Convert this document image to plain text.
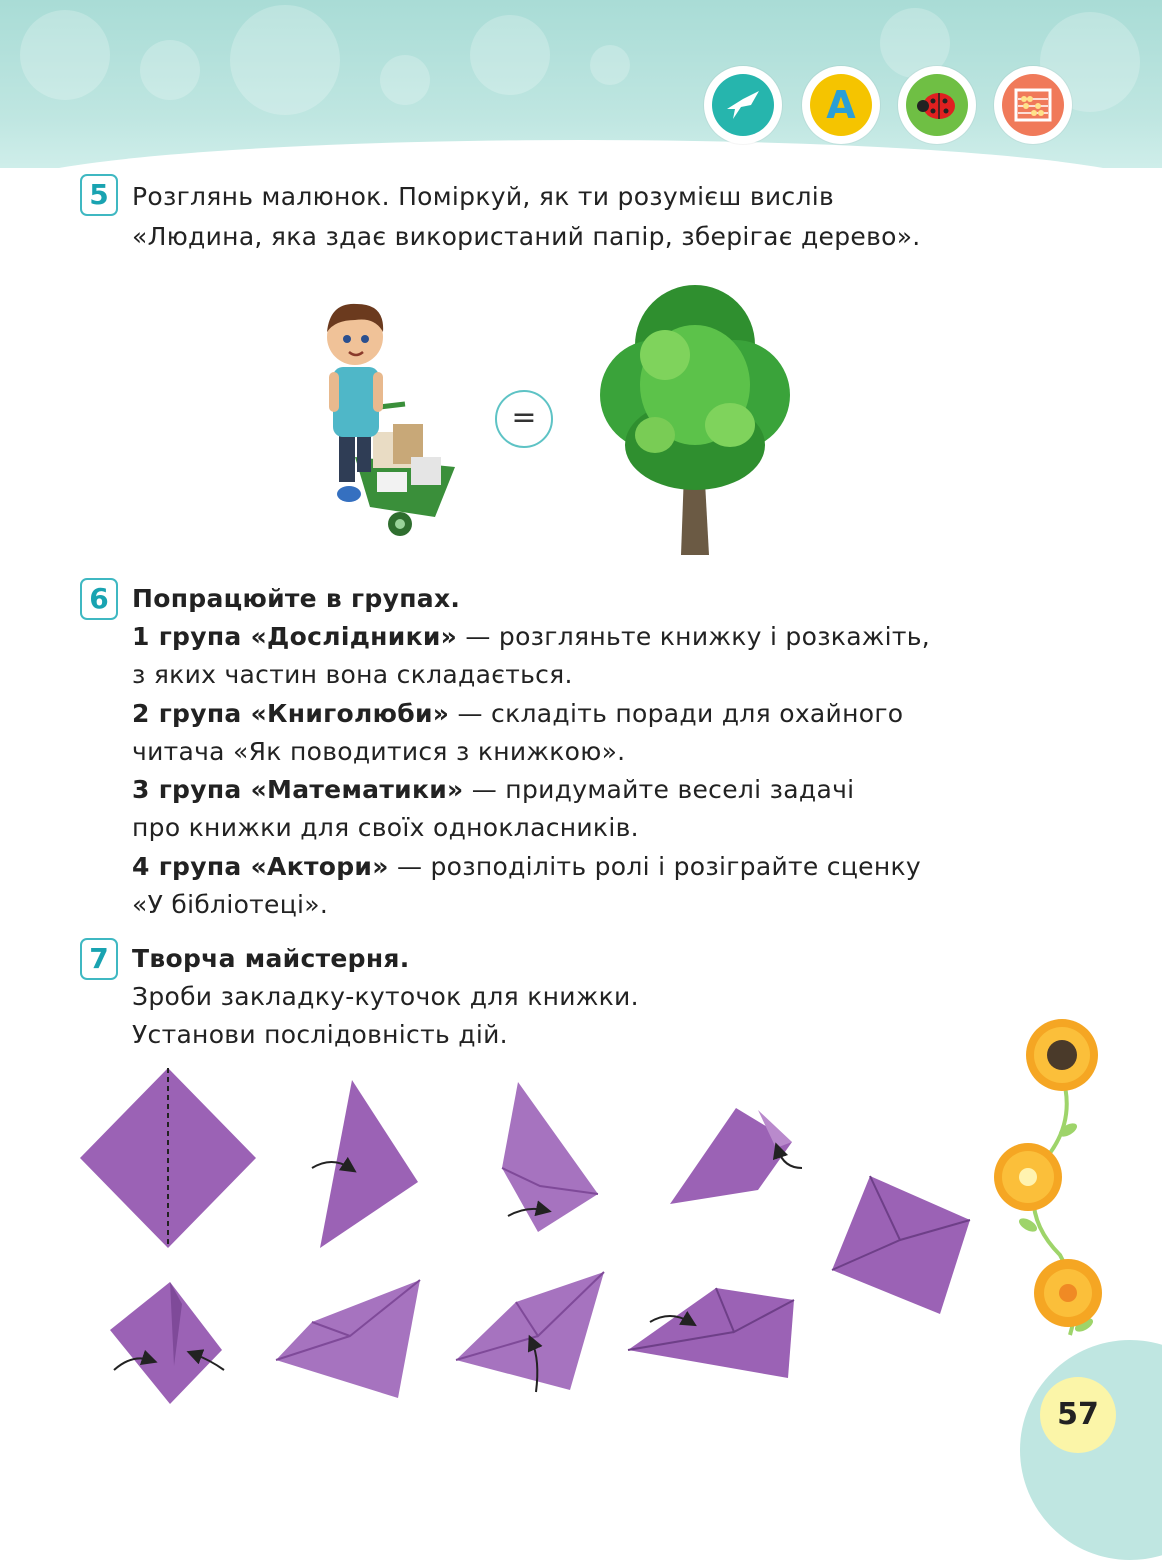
A
5 Розглянь малюнок. Поміркуй, як ти розумієш вислів
«Людина, яка здає використаний папір, зберігає дерево».
=
6 Попрацюйте в групах.
1 група «Дослідники» — розгляньте книжку і розкажіть,
з яких частин вона складається.
2 група «Книголюби» — складіть поради для охайного
читача «Як поводитися з книжкою».
3 група «Математики» — придумайте веселі задачі
про книжки для своїх однокласників.
4 група «Актори» — розподіліть ролі і розіграйте сценку
«У бібліотеці».
7 Творча майстерня.
Зроби закладку-куточок для книжки.
Установи послідовність дій.
57
